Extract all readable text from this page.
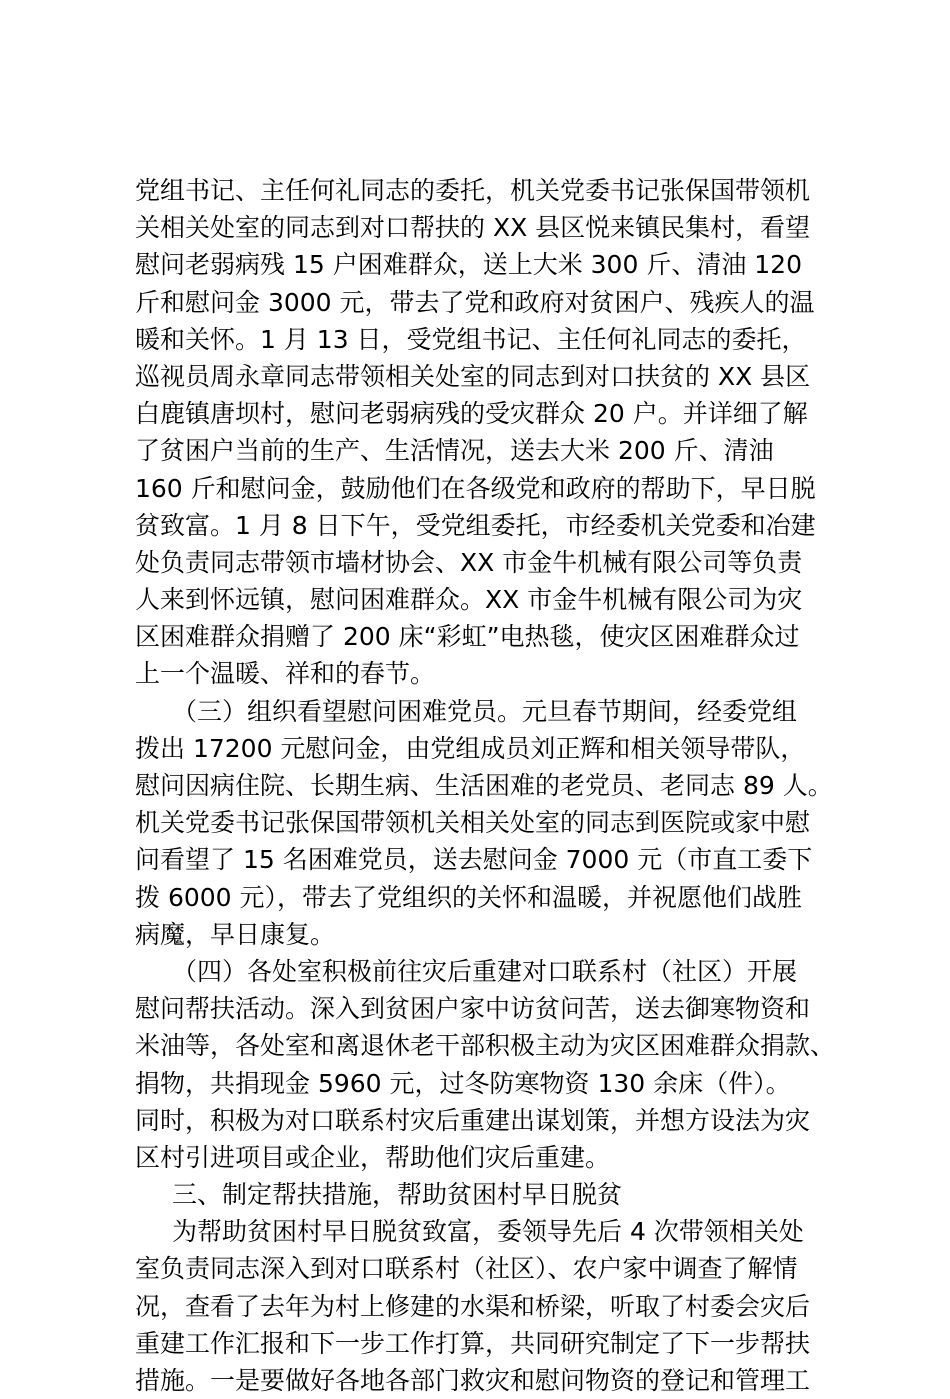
党组书记、主任何礼同志的委托，机关党委书记张保国带领机
关相关处室的同志到对口帮扶的 XX 县区悦来镇民集村，看望
慰问老弱病残 15 户困难群众，送上大米 300 斤、清油 120
斤和慰问金 3000 元，带去了党和政府对贫困户、残疾人的温
暖和关怀。1 月 13 日，受党组书记、主任何礼同志的委托，
巡视员周永章同志带领相关处室的同志到对口扶贫的 XX 县区
白鹿镇唐坝村，慰问老弱病残的受灾群众 20 户。并详细了解
了贫困户当前的生产、生活情况，送去大米 200 斤、清油
160 斤和慰问金，鼓励他们在各级党和政府的帮助下，早日脱
贫致富。1 月 8 日下午，受党组委托，市经委机关党委和冶建
处负责同志带领市墙材协会、XX 市金牛机械有限公司等负责
人来到怀远镇，慰问困难群众。XX 市金牛机械有限公司为灾
区困难群众捐赠了 200 床“彩虹”电热毯，使灾区困难群众过
上一个温暖、祥和的春节。
（三）组织看望慰问困难党员。元旦春节期间，经委党组
拨出 17200 元慰问金，由党组成员刘正辉和相关领导带队，
慰问因病住院、长期生病、生活困难的老党员、老同志 89 人。
机关党委书记张保国带领机关相关处室的同志到医院或家中慰
问看望了 15 名困难党员，送去慰问金 7000 元（市直工委下
拨 6000 元），带去了党组织的关怀和温暖，并祝愿他们战胜
病魔，早日康复。
（四）各处室积极前往灾后重建对口联系村（社区）开展
慰问帮扶活动。深入到贫困户家中访贫问苦，送去御寒物资和
米油等，各处室和离退休老干部积极主动为灾区困难群众捐款、
捐物，共捐现金 5960 元，过冬防寒物资 130 余床（件）。
同时，积极为对口联系村灾后重建出谋划策，并想方设法为灾
区村引进项目或企业，帮助他们灾后重建。
三、制定帮扶措施，帮助贫困村早日脱贫
为帮助贫困村早日脱贫致富，委领导先后 4 次带领相关处
室负责同志深入到对口联系村（社区）、农户家中调查了解情
况，查看了去年为村上修建的水渠和桥梁，听取了村委会灾后
重建工作汇报和下一步工作打算，共同研究制定了下一步帮扶
措施。一是要做好各地各部门救灾和慰问物资的登记和管理工
